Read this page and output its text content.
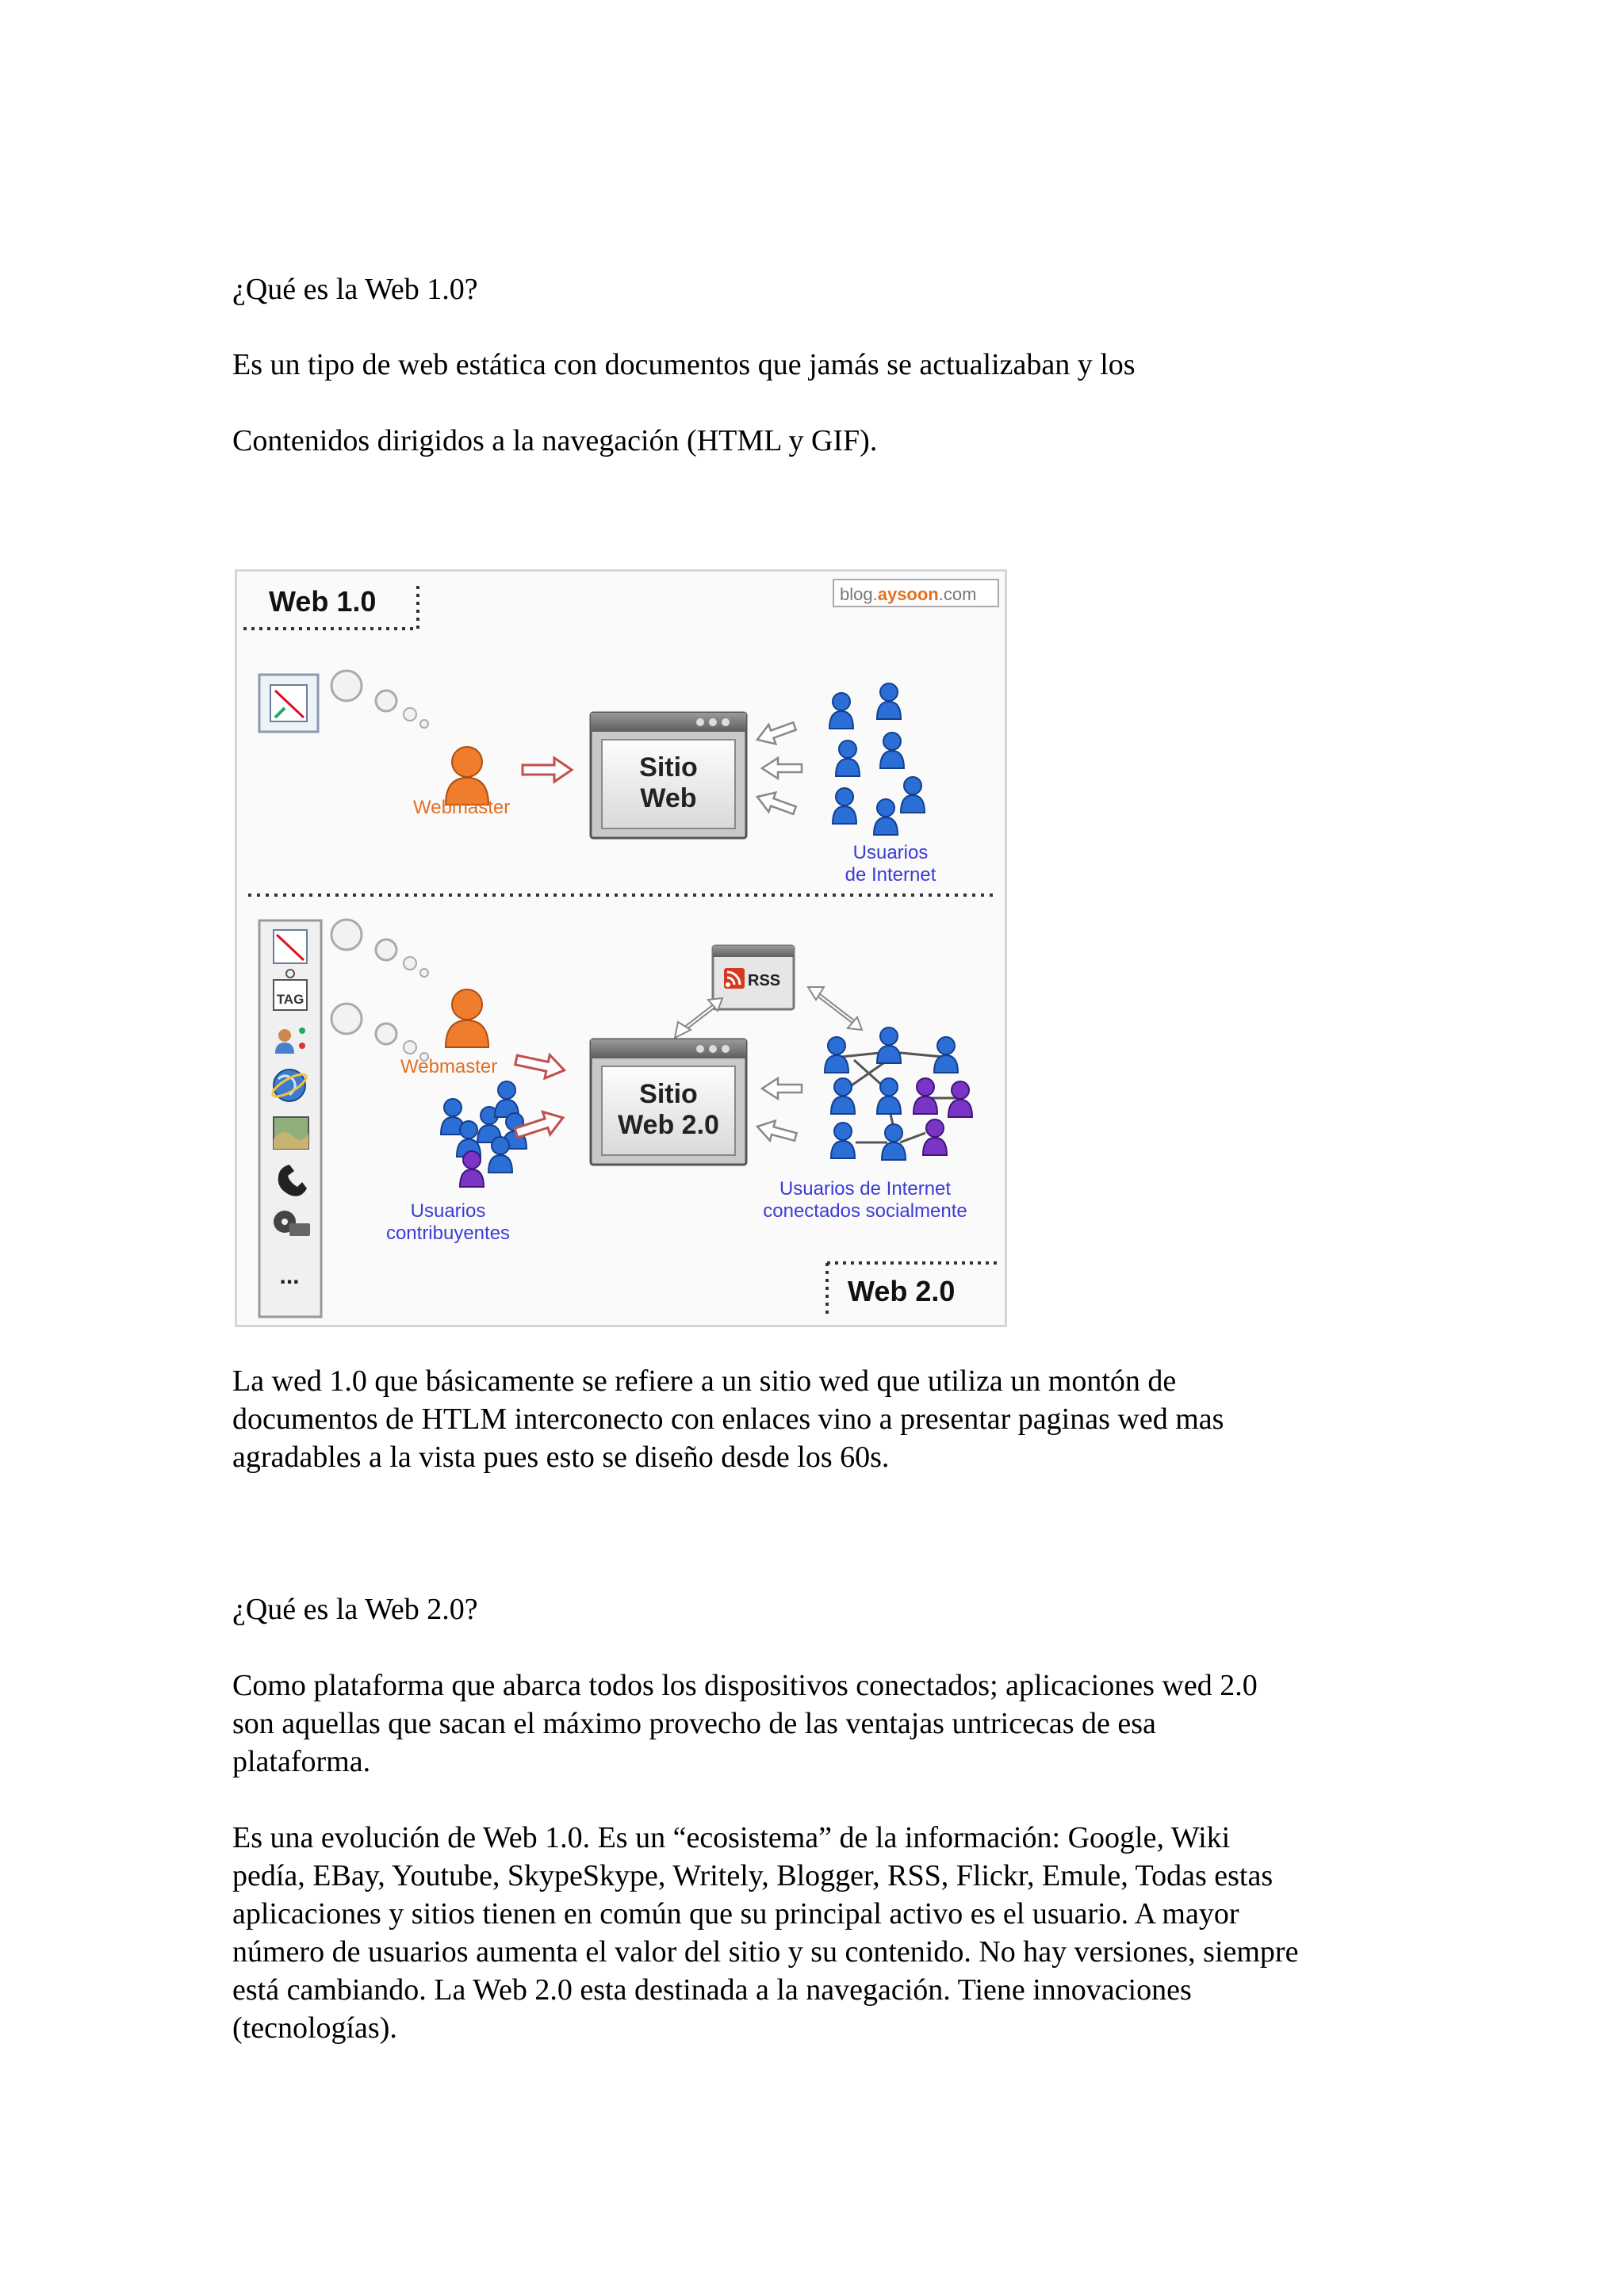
¿Qué es la Web 1.0?
Es un tipo de web estática con documentos que jamás se actualizaban y los
Contenidos dirigidos a la navegación (HTML y GIF).
Web 1.0	blog.aysoon.com
Webmaster
Sitio
Web
Usuarios
de Internet
TAG
...
Webmaster
Usuarios
contribuyentes
RSS
Sitio
Web 2.0
Usuarios de Internet
conectados socialmente
Web 2.0
La wed 1.0 que básicamente se refiere a un sitio wed que utiliza un montón de
documentos de HTLM interconecto con enlaces vino a presentar paginas wed mas
agradables a la vista pues esto se diseño desde los 60s.
¿Qué es la Web 2.0?
Como plataforma que abarca todos los dispositivos conectados; aplicaciones wed 2.0
son aquellas que sacan el máximo provecho de las ventajas untricecas de esa
plataforma.
Es una evolución de Web 1.0. Es un “ecosistema” de la información: Google, Wiki
pedía, EBay, Youtube, SkypeSkype, Writely, Blogger, RSS, Flickr, Emule, Todas estas
aplicaciones y sitios tienen en común que su principal activo es el usuario. A mayor
número de usuarios aumenta el valor del sitio y su contenido. No hay versiones, siempre
está cambiando. La Web 2.0 esta destinada a la navegación. Tiene innovaciones
(tecnologías).
